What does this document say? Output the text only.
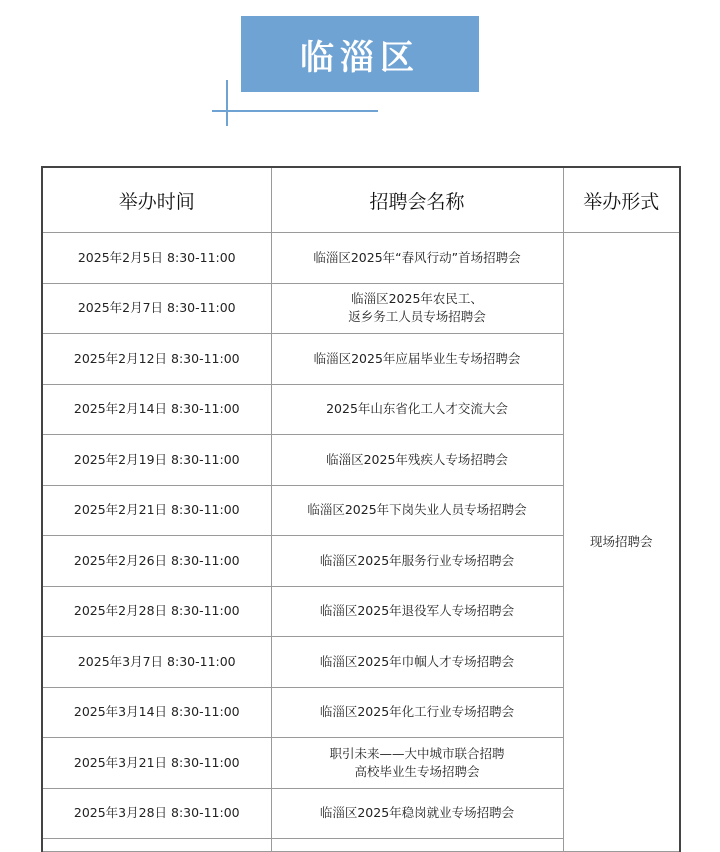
临淄区
举办时间	招聘会名称	举办形式
2025年2月5日 8:30-11:00	临淄区2025年“春风行动”首场招聘会	现场招聘会
2025年2月7日 8:30-11:00	临淄区2025年农民工、
返乡务工人员专场招聘会	

2025年2月12日 8:30-11:00	临淄区2025年应届毕业生专场招聘会	

2025年2月14日 8:30-11:00	2025年山东省化工人才交流大会	

2025年2月19日 8:30-11:00	临淄区2025年残疾人专场招聘会	

2025年2月21日 8:30-11:00	临淄区2025年下岗失业人员专场招聘会	

2025年2月26日 8:30-11:00	临淄区2025年服务行业专场招聘会	

2025年2月28日 8:30-11:00	临淄区2025年退役军人专场招聘会	

2025年3月7日 8:30-11:00	临淄区2025年巾帼人才专场招聘会	

2025年3月14日 8:30-11:00	临淄区2025年化工行业专场招聘会	

2025年3月21日 8:30-11:00	职引未来——大中城市联合招聘
高校毕业生专场招聘会	

2025年3月28日 8:30-11:00	临淄区2025年稳岗就业专场招聘会	
